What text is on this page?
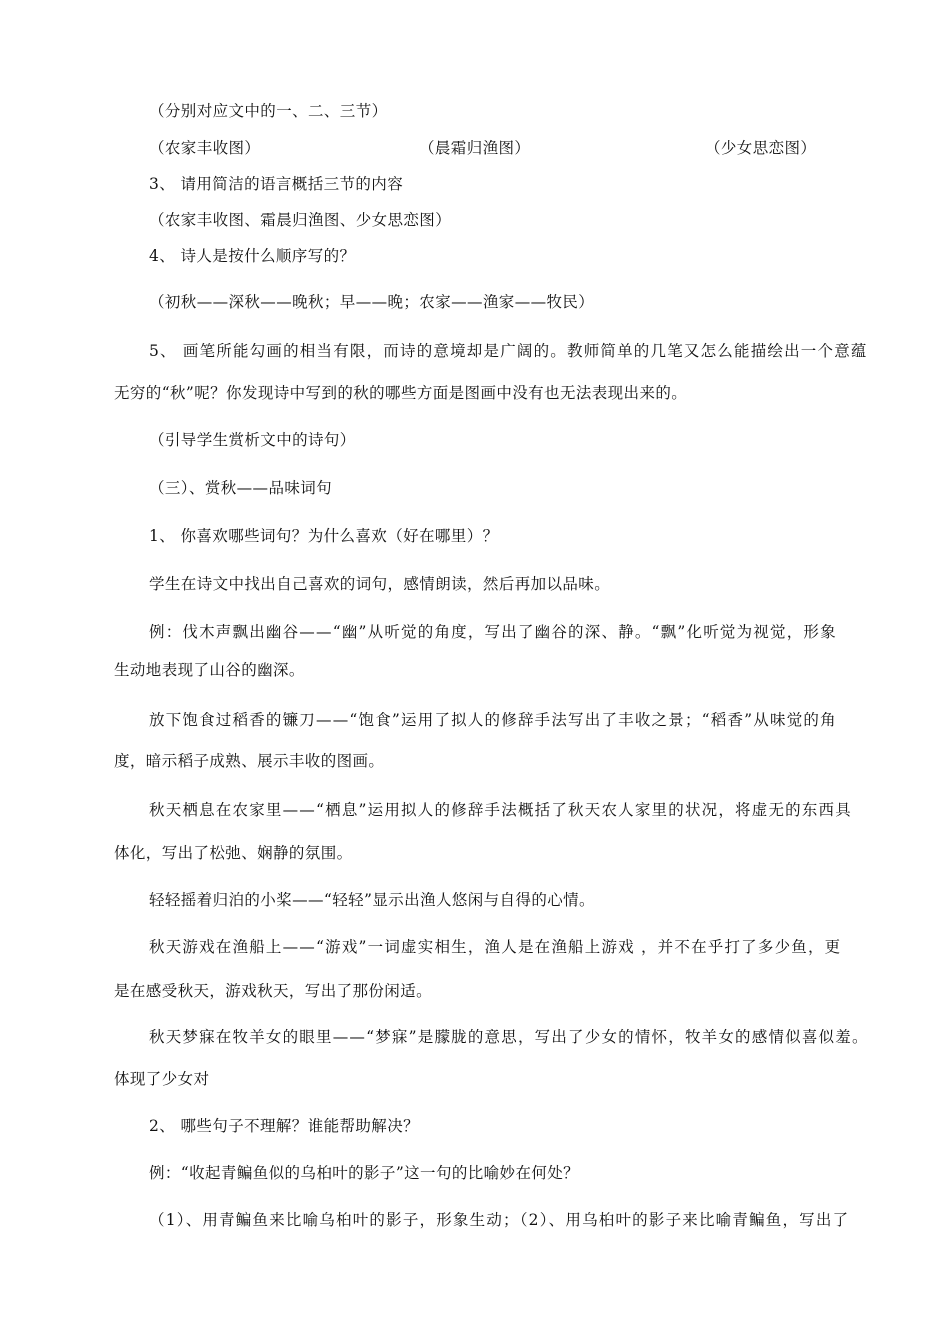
（分别对应文中的一、二、三节）
（农家丰收图）	（晨霜归渔图）	（少女思恋图）
3、 请用简洁的语言概括三节的内容
（农家丰收图、霜晨归渔图、少女思恋图）
4、 诗人是按什么顺序写的？
（初秋——深秋——晚秋；早——晚；农家——渔家——牧民）
5、 画笔所能勾画的相当有限，而诗的意境却是广阔的。教师简单的几笔又怎么能描绘出一个意蕴
无穷的“秋”呢？你发现诗中写到的秋的哪些方面是图画中没有也无法表现出来的。
（引导学生赏析文中的诗句）
（三）、赏秋——品味词句
1、 你喜欢哪些词句？为什么喜欢（好在哪里）？
学生在诗文中找出自己喜欢的词句，感情朗读，然后再加以品味。
例：伐木声飘出幽谷——“幽”从听觉的角度，写出了幽谷的深、静。“飘”化听觉为视觉，形象
生动地表现了山谷的幽深。
放下饱食过稻香的镰刀——“饱食”运用了拟人的修辞手法写出了丰收之景；“稻香”从味觉的角
度，暗示稻子成熟、展示丰收的图画。
秋天栖息在农家里——“栖息”运用拟人的修辞手法概括了秋天农人家里的状况，将虚无的东西具
体化，写出了松弛、娴静的氛围。
轻轻摇着归泊的小桨——“轻轻”显示出渔人悠闲与自得的心情。
秋天游戏在渔船上——“游戏”一词虚实相生，渔人是在渔船上游戏 ，并不在乎打了多少鱼，更
是在感受秋天，游戏秋天，写出了那份闲适。
秋天梦寐在牧羊女的眼里——“梦寐”是朦胧的意思，写出了少女的情怀，牧羊女的感情似喜似羞。
体现了少女对
2、 哪些句子不理解？谁能帮助解决？
例：“收起青鳊鱼似的乌桕叶的影子”这一句的比喻妙在何处？
（1）、用青鳊鱼来比喻乌桕叶的影子，形象生动；（2）、用乌桕叶的影子来比喻青鳊鱼，写出了
